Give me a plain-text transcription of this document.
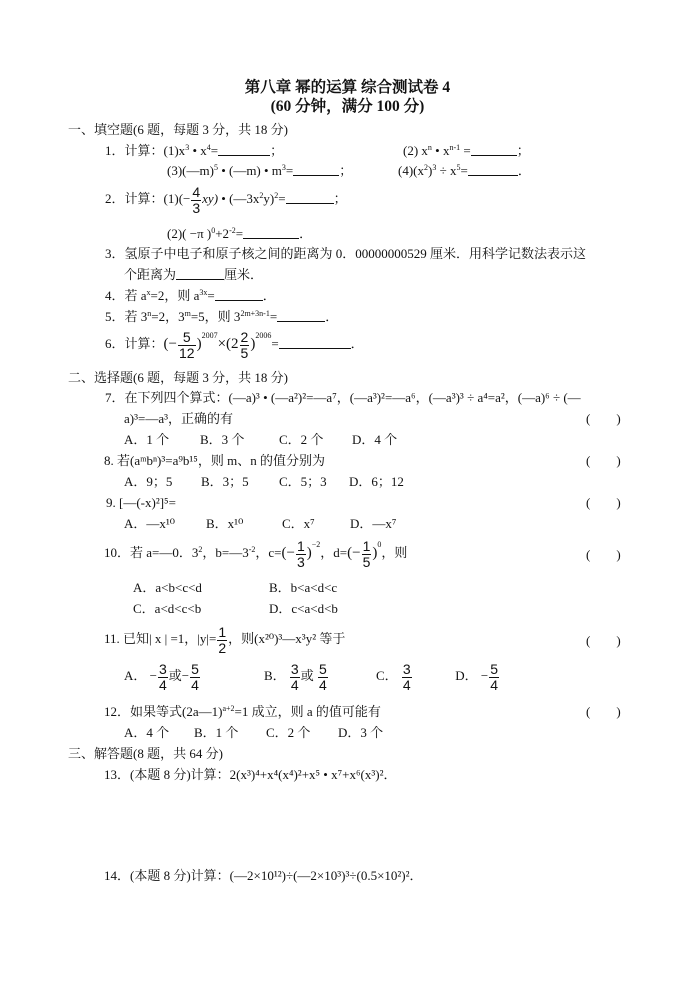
第八章 幂的运算 综合测试卷 4
(60 分钟，满分 100 分)
一、填空题(6 题，每题 3 分，共 18 分)
1．计算：$(1)x^3$ • $x^4=$	；	(2) $x^n$ • $x^{n-1}$ =	；
(3)(—m)$^5$ • (—m) • $m^3=$	；	$(4)(x^2)^3 \div x^5=$	．
2．计算：$(1)(- \frac{4}{3} xy)$ • $(—3x^2y)^2=$	；
(2)( −π )$^0+2^{-2}=$	．
3．氢原子中电子和原子核之间的距离为 0．00000000529 厘米．用科学记数法表示这
个距离为	厘米．
4．若 $a^x=2$，则 $a^{3x}=$	．
5．若 $3^n=2$，$3^m=5$，则 $3^{2m+3n-1}=$	．
6．计算：(− $\frac{5}{12} )^{2007}\times(2 \frac{2}{5} )^{2006}=$	．
二、选择题(6 题，每题 3 分，共 18 分)
7．在下列四个算式：(—a)³ • (—a²)²=—a⁷，(—a³)²=—a⁶，(—a³)³ ÷ a⁴=a²，(—a)⁶ ÷ (—
a)³=—a³，正确的有	( )
A．1 个 B．3 个	C．2 个 D．4 个
8. 若(aᵐbⁿ)³=a⁹b¹⁵，则 m、n 的值分别为	( )
A．9；5 B．3；5 C．5；3 D．6；12
9. [—(-x)²]⁵=	( )
A．—x¹⁰ B．x¹⁰	C．x⁷	D．—x⁷
10．若 a=—0．$3^2$，$b=—3^{-2}$，$c=(- \frac{1}{3} )^{-2}$，$d=(- \frac{1}{5} )^0$，则	( )
A．a<b<c<d	B．b<a<d<c
C．a<d<c<b	D．c<a<d<b
11. 已知| x | =1，$|y|= \frac{1}{2}$ ，则(x²⁰)³—x³y² 等于	( )
A． − $\frac{3}{4}$ 或− $\frac{5}{4}$	B． $\frac{3}{4}$ 或 $\frac{5}{4}$	C． $\frac{3}{4}$	D． − $\frac{5}{4}$
12．如果等式(2a—1)$^{a+2}$=1 成立，则 a 的值可能有	( )
A．4 个 B．1 个 C．2 个 D．3 个
三、解答题(8 题，共 64 分)
13．(本题 8 分)计算：2(x³)⁴+x⁴(x⁴)²+x⁵ • x⁷+x⁶(x³)²．
14．(本题 8 分)计算：(—2×10¹²)÷(—2×10³)³÷(0.5×10²)²．
